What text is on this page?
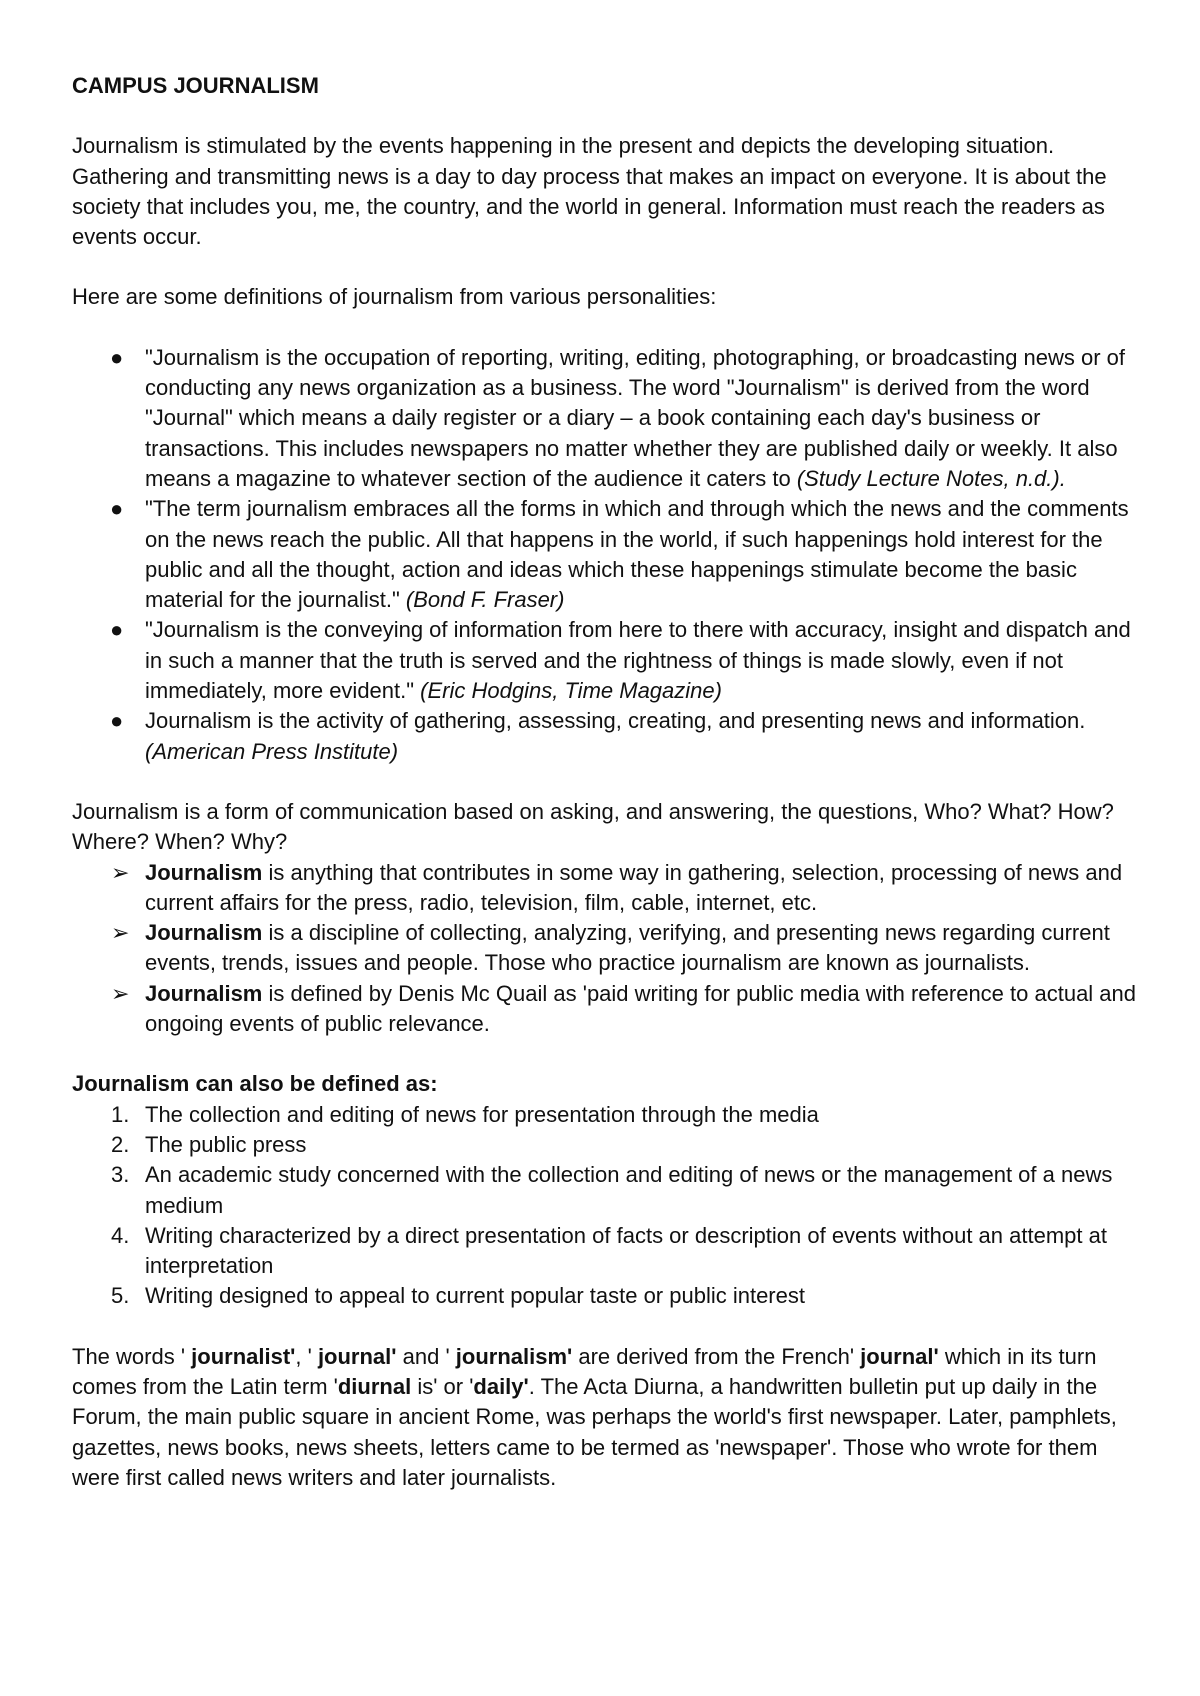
CAMPUS JOURNALISM

Journalism is stimulated by the events happening in the present and depicts the developing situation. Gathering and transmitting news is a day to day process that makes an impact on everyone. It is about the society that includes you, me, the country, and the world in general. Information must reach the readers as events occur.

Here are some definitions of journalism from various personalities:

● "Journalism is the occupation of reporting, writing, editing, photographing, or broadcasting news or of conducting any news organization as a business. The word "Journalism" is derived from the word "Journal" which means a daily register or a diary – a book containing each day's business or transactions. This includes newspapers no matter whether they are published daily or weekly. It also means a magazine to whatever section of the audience it caters to (Study Lecture Notes, n.d.).
● "The term journalism embraces all the forms in which and through which the news and the comments on the news reach the public. All that happens in the world, if such happenings hold interest for the public and all the thought, action and ideas which these happenings stimulate become the basic material for the journalist." (Bond F. Fraser)
● "Journalism is the conveying of information from here to there with accuracy, insight and dispatch and in such a manner that the truth is served and the rightness of things is made slowly, even if not immediately, more evident." (Eric Hodgins, Time Magazine)
● Journalism is the activity of gathering, assessing, creating, and presenting news and information. (American Press Institute)

Journalism is a form of communication based on asking, and answering, the questions, Who? What? How? Where? When? Why?

➢ Journalism is anything that contributes in some way in gathering, selection, processing of news and current affairs for the press, radio, television, film, cable, internet, etc.
➢ Journalism is a discipline of collecting, analyzing, verifying, and presenting news regarding current events, trends, issues and people. Those who practice journalism are known as journalists.
➢ Journalism is defined by Denis Mc Quail as 'paid writing for public media with reference to actual and ongoing events of public relevance.

Journalism can also be defined as:

1. The collection and editing of news for presentation through the media
2. The public press
3. An academic study concerned with the collection and editing of news or the management of a news medium
4. Writing characterized by a direct presentation of facts or description of events without an attempt at interpretation
5. Writing designed to appeal to current popular taste or public interest

The words ' journalist', ' journal' and ' journalism' are derived from the French' journal' which in its turn comes from the Latin term 'diurnal is' or 'daily'. The Acta Diurna, a handwritten bulletin put up daily in the Forum, the main public square in ancient Rome, was perhaps the world's first newspaper. Later, pamphlets, gazettes, news books, news sheets, letters came to be termed as 'newspaper'. Those who wrote for them were first called news writers and later journalists.
